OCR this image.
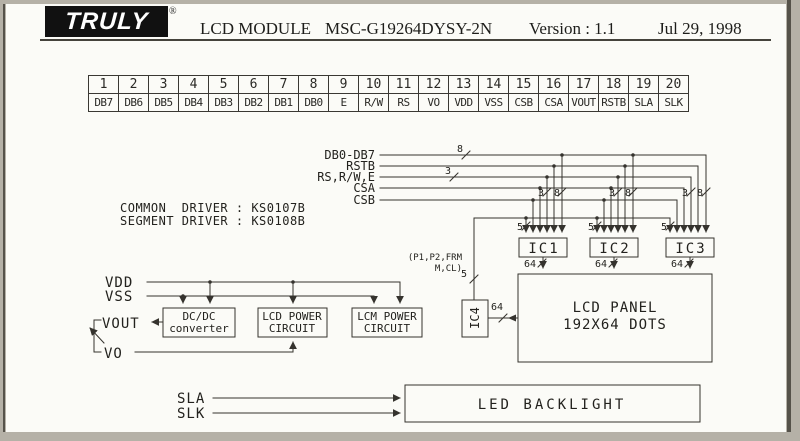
TRULY ®
LCD MODULE MSC-G19264DYSY-2N Version : 1.1	Jul 29, 1998
1	2	3	4	5	6	7	8	9	10	11	12	13	14	15	16	17	18	19	20
DB7	DB6	DB5	DB4	DB3	DB2	DB1	DB0	E	R/W	RS	VO	VDD	VSS	CSB	CSA	VOUT	RSTB	SLA	SLK
DB0-DB7
RSTB
RS,R/W,E
CSA
CSB
COMMON  DRIVER : KS0107B
SEGMENT DRIVER : KS0108B
8
3
5	5	5
3 8	3 8	3 8
5
64	64	64
64
(P1,P2,FRM
M,CL)
IC1	IC2	IC3
IC4	LCD PANEL
192X64 DOTS
VDD
VSS
VOUT
VO
DC/DC
converter
LCD POWER
CIRCUIT
LCM POWER
CIRCUIT
SLA
SLK
LED BACKLIGHT
